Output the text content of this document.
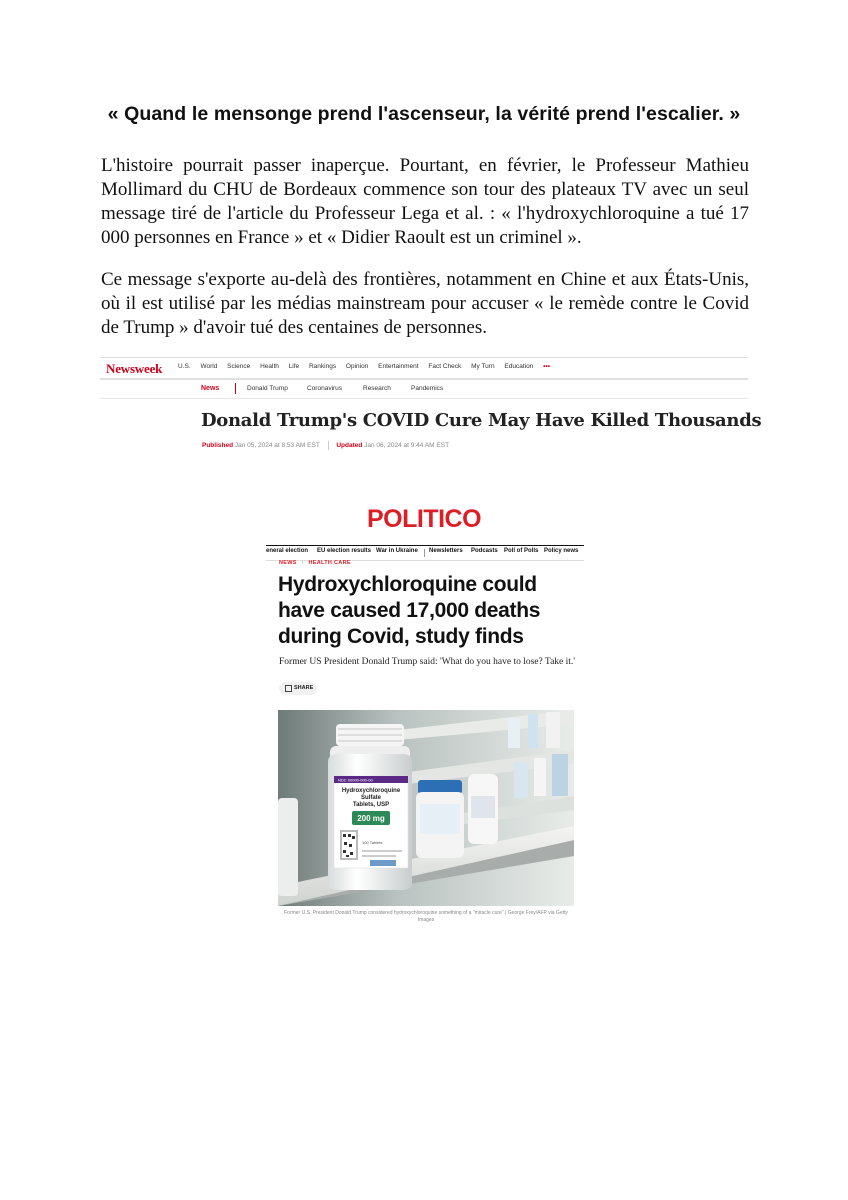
« Quand le mensonge prend l'ascenseur, la vérité prend l'escalier. »
L'histoire pourrait passer inaperçue. Pourtant, en février, le Professeur Mathieu Mollimard du CHU de Bordeaux commence son tour des plateaux TV avec un seul message tiré de l'article du Professeur Lega et al. : « l'hydroxychloroquine a tué 17 000 personnes en France » et « Didier Raoult est un criminel ».
Ce message s'exporte au-delà des frontières, notamment en Chine et aux États-Unis, où il est utilisé par les médias mainstream pour accuser « le remède contre le Covid de Trump » d'avoir tué des centaines de personnes.
Newsweek U.S. World Science Health Life Rankings Opinion Entertainment Fact Check My Turn Education •••
News	Donald Trump	Coronavirus	Research	Pandemics
Donald Trump's COVID Cure May Have Killed Thousands
Published Jan 05, 2024 at 8:53 AM EST	Updated Jan 06, 2024 at 9:44 AM EST
POLITICO
eneral election EU election results War in Ukraine Newsletters Podcasts Poll of Polls Policy news
NEWS › HEALTH CARE
Hydroxychloroquine could have caused 17,000 deaths during Covid, study finds
Former US President Donald Trump said: 'What do you have to lose? Take it.'
SHARE
NDC 00000-000-00
Hydroxychloroquine
Sulfate
Tablets, USP
200 mg
100 Tablets
Former U.S. President Donald Trump considered hydroxychloroquine something of a "miracle cure" | George Frey/AFP via Getty Images
